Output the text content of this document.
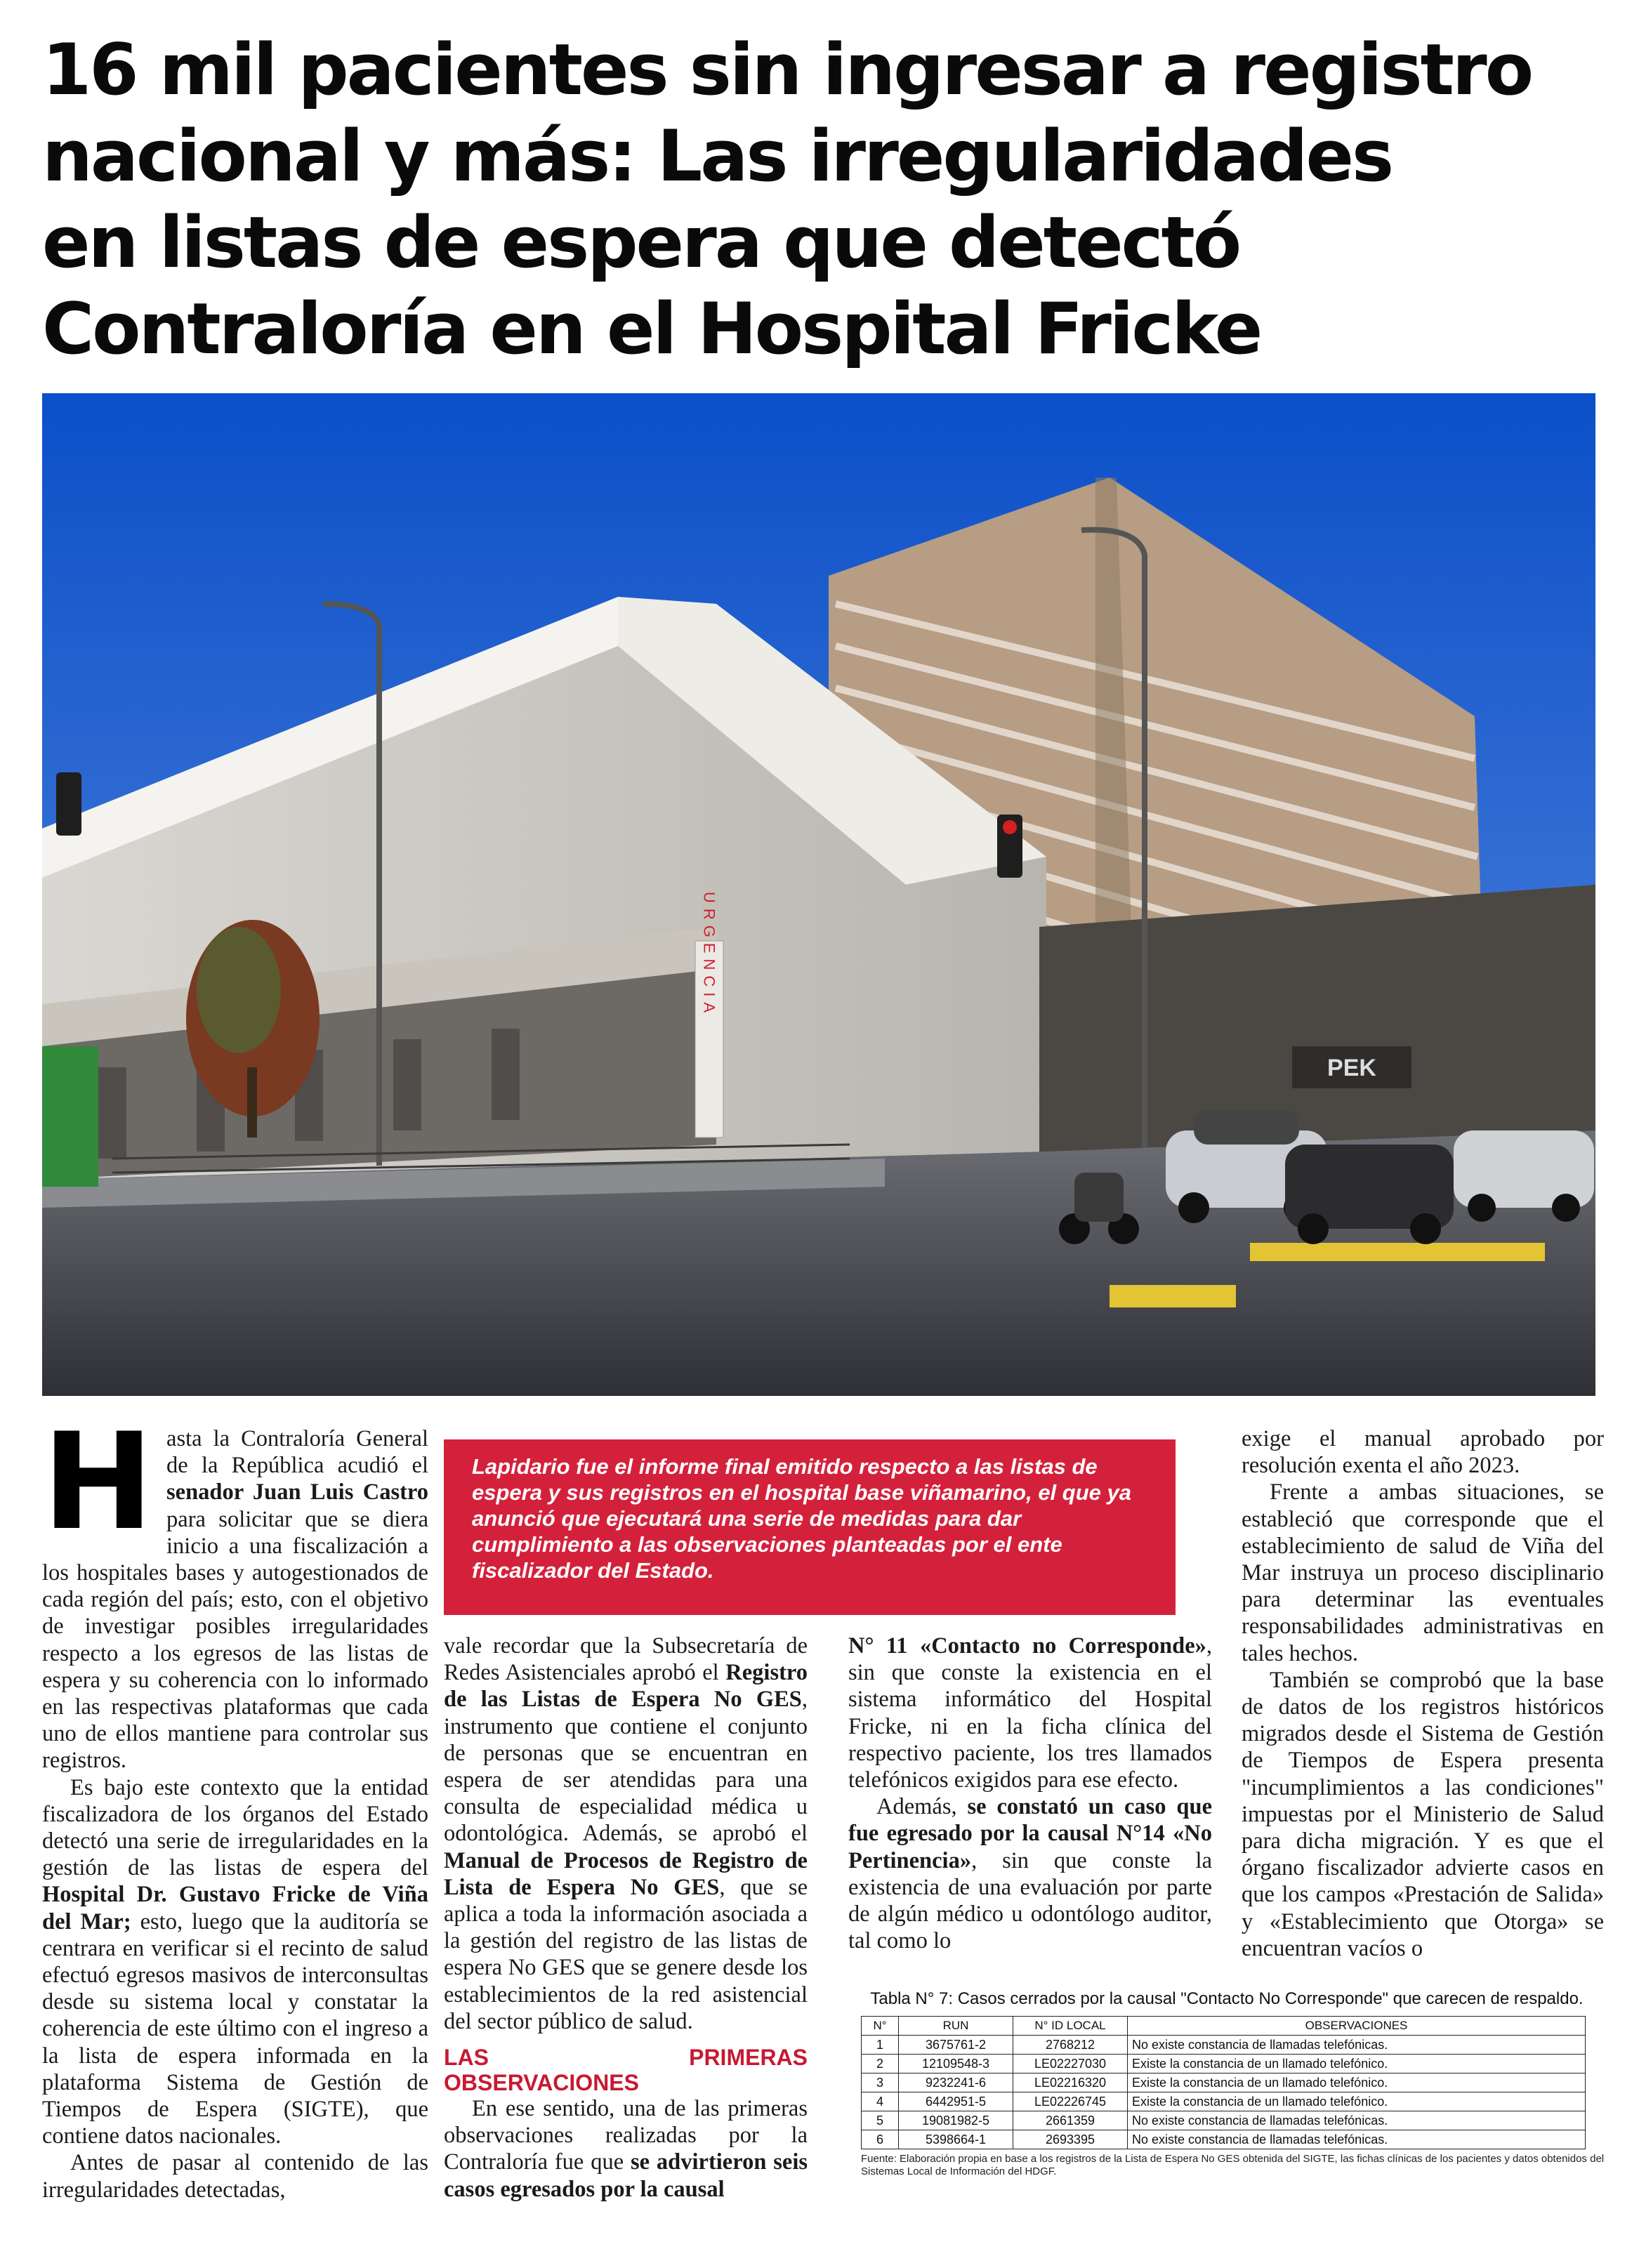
16 mil pacientes sin ingresar a registro
nacional y más: Las irregularidades
en listas de espera que detectó
Contraloría en el Hospital Fricke
URGENCIA
PEK
Lapidario fue el informe final emitido respecto a las listas de espera y sus registros en el hospital base viñamarino, el que ya anunció que ejecutará una serie de medidas para dar cumplimiento a las observaciones planteadas por el ente fiscalizador del Estado.

Hasta la Contraloría General de la República acudió el senador Juan Luis Castro para solicitar que se diera inicio a una fiscalización a los hospitales bases y autogestionados de cada región del país; esto, con el objetivo de investigar posibles irregularidades respecto a los egresos de las listas de espera y su coherencia con lo informado en las respectivas plataformas que cada uno de ellos mantiene para controlar sus registros.

Es bajo este contexto que la entidad fiscalizadora de los órganos del Estado detectó una serie de irregularidades en la gestión de las listas de espera del Hospital Dr. Gustavo Fricke de Viña del Mar; esto, luego que la auditoría se centrara en verificar si el recinto de salud efectuó egresos masivos de interconsultas desde su sistema local y constatar la coherencia de este último con el ingreso a la lista de espera informada en la plataforma Sistema de Gestión de Tiempos de Espera (SIGTE), que contiene datos nacionales.

Antes de pasar al contenido de las irregularidades detectadas,

vale recordar que la Subsecretaría de Redes Asistenciales aprobó el Registro de las Listas de Espera No GES, instrumento que contiene el conjunto de personas que se encuentran en espera de ser atendidas para una consulta de especialidad médica u odontológica. Además, se aprobó el Manual de Procesos de Registro de Lista de Espera No GES, que se aplica a toda la información asociada a la gestión del registro de las listas de espera No GES que se genere desde los establecimientos de la red asistencial del sector público de salud.

LAS PRIMERAS OBSERVACIONES

En ese sentido, una de las primeras observaciones realizadas por la Contraloría fue que se advirtieron seis casos egresados por la causal

N° 11 «Contacto no Corresponde», sin que conste la existencia en el sistema informático del Hospital Fricke, ni en la ficha clínica del respectivo paciente, los tres llamados telefónicos exigidos para ese efecto.

Además, se constató un caso que fue egresado por la causal N°14 «No Pertinencia», sin que conste la existencia de una evaluación por parte de algún médico u odontólogo auditor, tal como lo

exige el manual aprobado por resolución exenta el año 2023.

Frente a ambas situaciones, se estableció que corresponde que el establecimiento de salud de Viña del Mar instruya un proceso disciplinario para determinar las eventuales responsabilidades administrativas en tales hechos.

También se comprobó que la base de datos de los registros históricos migrados desde el Sistema de Gestión de Tiempos de Espera presenta "incumplimientos a las condiciones" impuestas por el Ministerio de Salud para dicha migración. Y es que el órgano fiscalizador advierte casos en que los campos «Prestación de Salida» y «Establecimiento que Otorga» se encuentran vacíos o

Tabla N° 7: Casos cerrados por la causal "Contacto No Corresponde" que carecen de respaldo.
N°	RUN	N° ID LOCAL	OBSERVACIONES
1	3675761-2	2768212	No existe constancia de llamadas telefónicas.
2	12109548-3	LE02227030	Existe la constancia de un llamado telefónico.
3	9232241-6	LE02216320	Existe la constancia de un llamado telefónico.
4	6442951-5	LE02226745	Existe la constancia de un llamado telefónico.
5	19081982-5	2661359	No existe constancia de llamadas telefónicas.
6	5398664-1	2693395	No existe constancia de llamadas telefónicas.
Fuente: Elaboración propia en base a los registros de la Lista de Espera No GES obtenida del SIGTE, las fichas clínicas de los pacientes y datos obtenidos del Sistemas Local de Información del HDGF.
